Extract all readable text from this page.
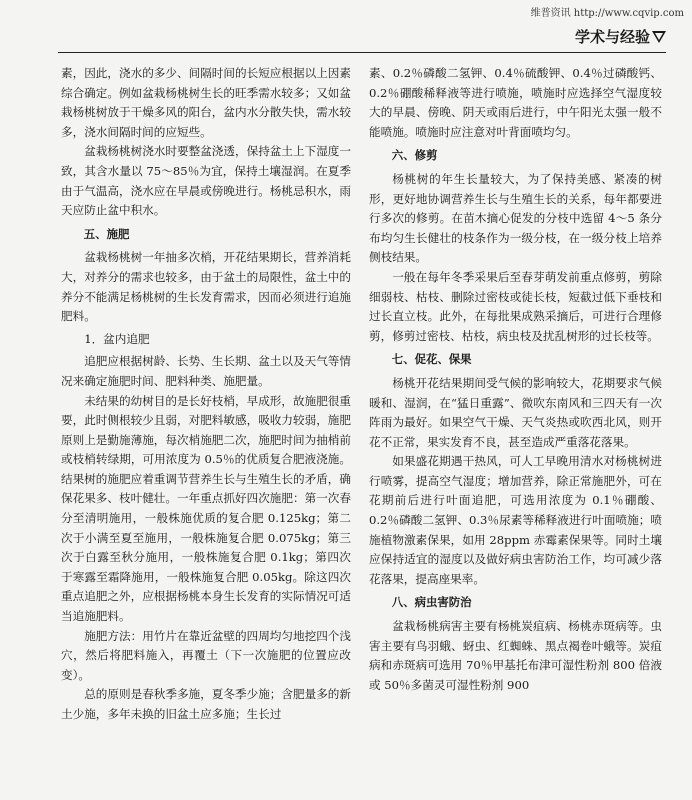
维普资讯 http://www.cqvip.com
学术与经验
素，因此，浇水的多少、间隔时间的长短应根据以上因素综合确定。例如盆栽杨桃树生长的旺季需水较多；又如盆栽杨桃树放于干燥多风的阳台，盆内水分散失快，需水较多，浇水间隔时间的应短些。
盆栽杨桃树浇水时要整盆浇透，保持盆土上下湿度一致，其含水量以 75～85％为宜，保持土壤湿润。在夏季由于气温高，浇水应在早晨或傍晚进行。杨桃忌积水，雨天应防止盆中积水。
五、施肥
盆栽杨桃树一年抽多次梢，开花结果期长，营养消耗大，对养分的需求也较多，由于盆土的局限性，盆土中的养分不能满足杨桃树的生长发育需求，因而必须进行追施肥料。
1．盆内追肥
追肥应根据树龄、长势、生长期、盆土以及天气等情况来确定施肥时间、肥料种类、施肥量。
未结果的幼树目的是长好枝梢，早成形，故施肥很重要，此时侧根较少且弱，对肥料敏感，吸收力较弱，施肥原则上是勤施薄施，每次梢施肥二次，施肥时间为抽梢前或枝梢转绿期，可用浓度为 0.5％的优质复合肥液浇施。结果树的施肥应着重调节营养生长与生殖生长的矛盾，确保花果多、枝叶健壮。一年重点抓好四次施肥：第一次春分至清明施用，一般株施优质的复合肥 0.125kg；第二次于小满至夏至施用，一般株施复合肥 0.075kg；第三次于白露至秋分施用，一般株施复合肥 0.1kg；第四次于寒露至霜降施用，一般株施复合肥 0.05kg。除这四次重点追肥之外，应根据杨桃本身生长发育的实际情况可适当追施肥料。
施肥方法：用竹片在靠近盆壁的四周均匀地挖四个浅穴，然后将肥料施入，再覆土（下一次施肥的位置应改变）。
总的原则是春秋季多施，夏冬季少施；含肥量多的新土少施，多年未换的旧盆土应多施；生长过
素、0.2％磷酸二氢钾、0.4％硫酸钾、0.4％过磷酸钙、0.2％硼酸稀释液等进行喷施，喷施时应选择空气湿度较大的早晨、傍晚、阴天或雨后进行，中午阳光太强一般不能喷施。喷施时应注意对叶背面喷均匀。
六、修剪
杨桃树的年生长量较大，为了保持美感、紧凑的树形，更好地协调营养生长与生殖生长的关系，每年都要进行多次的修剪。在苗木摘心促发的分枝中选留 4～5 条分布均匀生长健壮的枝条作为一级分枝，在一级分枝上培养侧枝结果。
一般在每年冬季采果后至春芽萌发前重点修剪，剪除细弱枝、枯枝、删除过密枝或徒长枝，短截过低下垂枝和过长直立枝。此外，在每批果成熟采摘后，可进行合理修剪，修剪过密枝、枯枝，病虫枝及扰乱树形的过长枝等。
七、促花、保果
杨桃开花结果期间受气候的影响较大，花期要求气候暖和、湿润，在“猛日重露”、微吹东南风和三四天有一次阵雨为最好。如果空气干燥、天气炎热或吹西北风，则开花不正常，果实发育不良，甚至造成严重落花落果。
如果盛花期遇干热风，可人工早晚用清水对杨桃树进行喷雾，提高空气湿度；增加营养，除正常施肥外，可在花期前后进行叶面追肥，可选用浓度为 0.1％硼酸、0.2％磷酸二氢钾、0.3％尿素等稀释液进行叶面喷施；喷施植物激素保果，如用 28ppm 赤霉素保果等。同时土壤应保持适宜的湿度以及做好病虫害防治工作，均可减少落花落果，提高座果率。
八、病虫害防治
盆栽杨桃病害主要有杨桃炭疽病、杨桃赤斑病等。虫害主要有鸟羽蛾、蚜虫、红蜘蛛、黑点褐卷叶蛾等。炭疽病和赤斑病可选用 70％甲基托布津可湿性粉剂 800 倍液或 50％多菌灵可湿性粉剂 900
